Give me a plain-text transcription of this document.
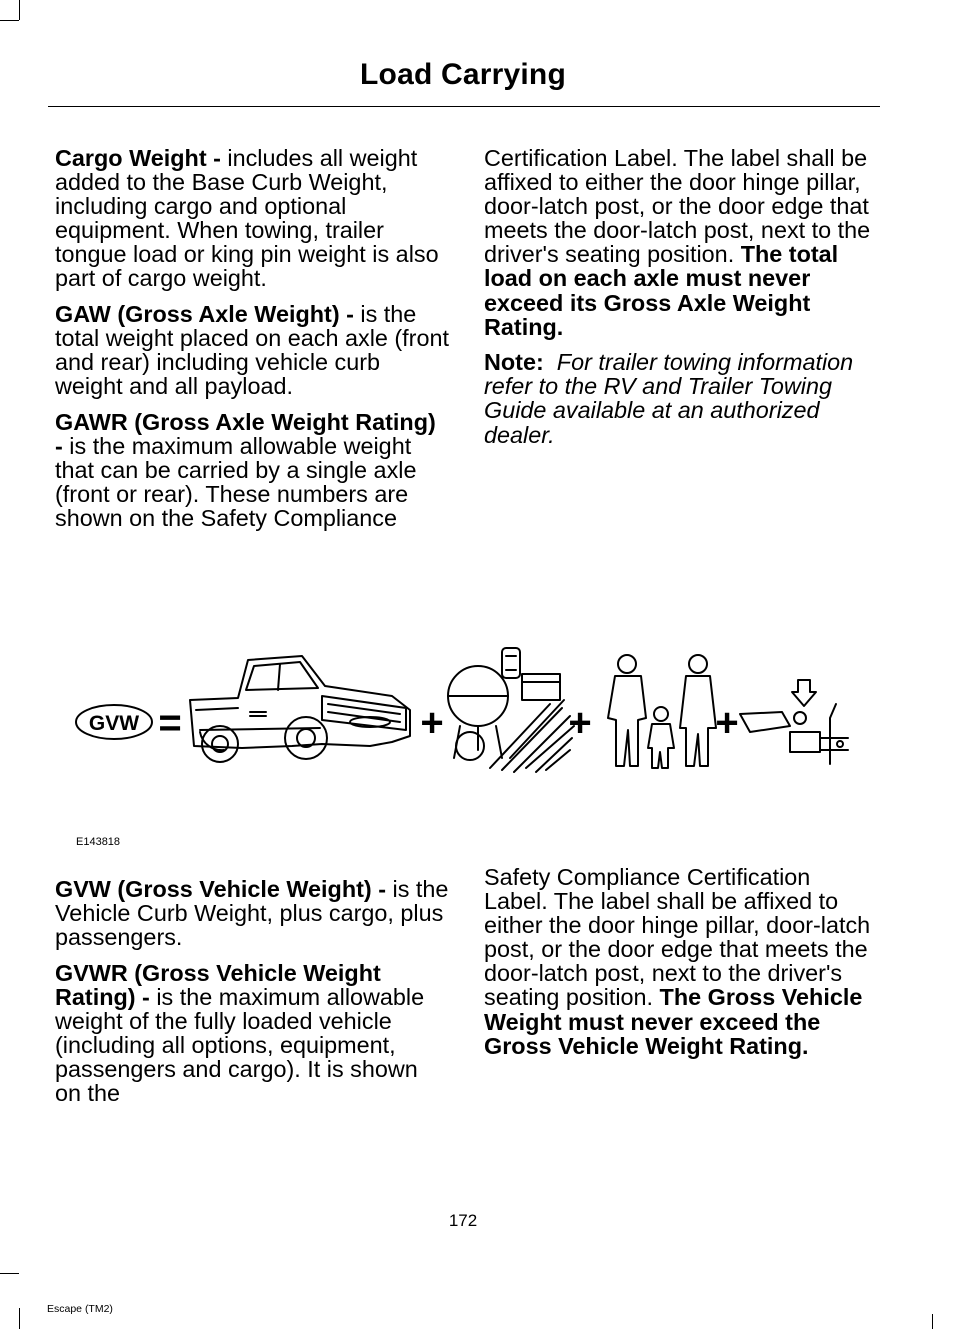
Load Carrying

Cargo Weight - includes all weight added to the Base Curb Weight, including cargo and optional equipment. When towing, trailer tongue load or king pin weight is also part of cargo weight.

GAW (Gross Axle Weight) - is the total weight placed on each axle (front and rear) including vehicle curb weight and all payload.

GAWR (Gross Axle Weight Rating) - is the maximum allowable weight that can be carried by a single axle (front or rear). These numbers are shown on the Safety Compliance

Certification Label. The label shall be affixed to either the door hinge pillar, door-latch post, or the door edge that meets the door-latch post, next to the driver's seating position. The total load on each axle must never exceed its Gross Axle Weight Rating.

Note: For trailer towing information refer to the RV and Trailer Towing Guide available at an authorized dealer.

GVW =	+	+	+
E143818

GVW (Gross Vehicle Weight) - is the Vehicle Curb Weight, plus cargo, plus passengers.

GVWR (Gross Vehicle Weight Rating) - is the maximum allowable weight of the fully loaded vehicle (including all options, equipment, passengers and cargo). It is shown on the

Safety Compliance Certification Label. The label shall be affixed to either the door hinge pillar, door-latch post, or the door edge that meets the door-latch post, next to the driver's seating position. The Gross Vehicle Weight must never exceed the Gross Vehicle Weight Rating.

172
Escape (TM2)
